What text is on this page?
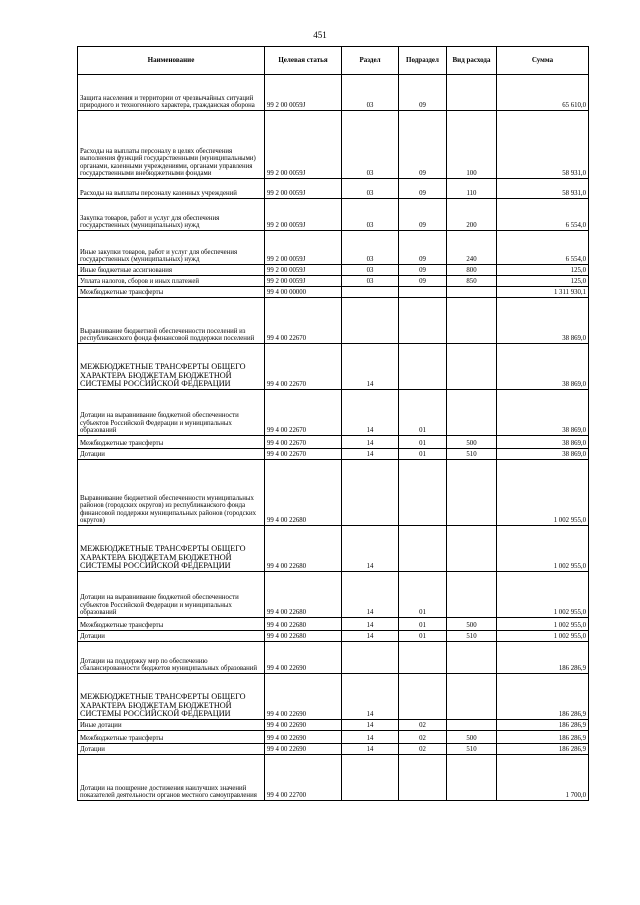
451
Наименование	Целевая статья	Раздел	Подраздел	Вид расхода	Сумма
Защита населения и территории от чрезвычайных ситуаций природного и техногенного характера, гражданская оборона	99 2 00 0059J	03	09		65 610,0
Расходы на выплаты персоналу в целях обеспечения выполнения функций государственными (муниципальными) органами, казенными учреждениями, органами управления государственными внебюджетными фондами	99 2 00 0059J	03	09	100	58 931,0
Расходы на выплаты персоналу казенных учреждений	99 2 00 0059J	03	09	110	58 931,0
Закупка товаров, работ и услуг для обеспечения государственных (муниципальных) нужд	99 2 00 0059J	03	09	200	6 554,0
Иные закупки товаров, работ и услуг для обеспечения государственных (муниципальных) нужд	99 2 00 0059J	03	09	240	6 554,0
Иные бюджетные ассигнования	99 2 00 0059J	03	09	800	125,0
Уплата налогов, сборов и иных платежей	99 2 00 0059J	03	09	850	125,0
Межбюджетные трансферты	99 4 00 00000				1 311 930,1
Выравнивание бюджетной обеспеченности поселений из республиканского фонда финансовой поддержки поселений	99 4 00 22670				38 869,0
МЕЖБЮДЖЕТНЫЕ ТРАНСФЕРТЫ ОБЩЕГО ХАРАКТЕРА БЮДЖЕТАМ БЮДЖЕТНОЙ СИСТЕМЫ РОССИЙСКОЙ ФЕДЕРАЦИИ	99 4 00 22670	14			38 869,0
Дотации на выравнивание бюджетной обеспеченности субъектов Российской Федерации и муниципальных образований	99 4 00 22670	14	01		38 869,0
Межбюджетные трансферты	99 4 00 22670	14	01	500	38 869,0
Дотации	99 4 00 22670	14	01	510	38 869,0
Выравнивание бюджетной обеспеченности муниципальных районов (городских округов) из республиканского фонда финансовой поддержки муниципальных районов (городских округов)	99 4 00 22680				1 002 955,0
МЕЖБЮДЖЕТНЫЕ ТРАНСФЕРТЫ ОБЩЕГО ХАРАКТЕРА БЮДЖЕТАМ БЮДЖЕТНОЙ СИСТЕМЫ РОССИЙСКОЙ ФЕДЕРАЦИИ	99 4 00 22680	14			1 002 955,0
Дотации на выравнивание бюджетной обеспеченности субъектов Российской Федерации и муниципальных образований	99 4 00 22680	14	01		1 002 955,0
Межбюджетные трансферты	99 4 00 22680	14	01	500	1 002 955,0
Дотации	99 4 00 22680	14	01	510	1 002 955,0
Дотации на поддержку мер по обеспечению сбалансированности бюджетов муниципальных образований	99 4 00 22690				186 286,9
МЕЖБЮДЖЕТНЫЕ ТРАНСФЕРТЫ ОБЩЕГО ХАРАКТЕРА БЮДЖЕТАМ БЮДЖЕТНОЙ СИСТЕМЫ РОССИЙСКОЙ ФЕДЕРАЦИИ	99 4 00 22690	14			186 286,9
Иные дотации	99 4 00 22690	14	02		186 286,9
Межбюджетные трансферты	99 4 00 22690	14	02	500	186 286,9
Дотации	99 4 00 22690	14	02	510	186 286,9
Дотации на поощрение достижения наилучших значений показателей деятельности органов местного самоуправления	99 4 00 22700				1 700,0
